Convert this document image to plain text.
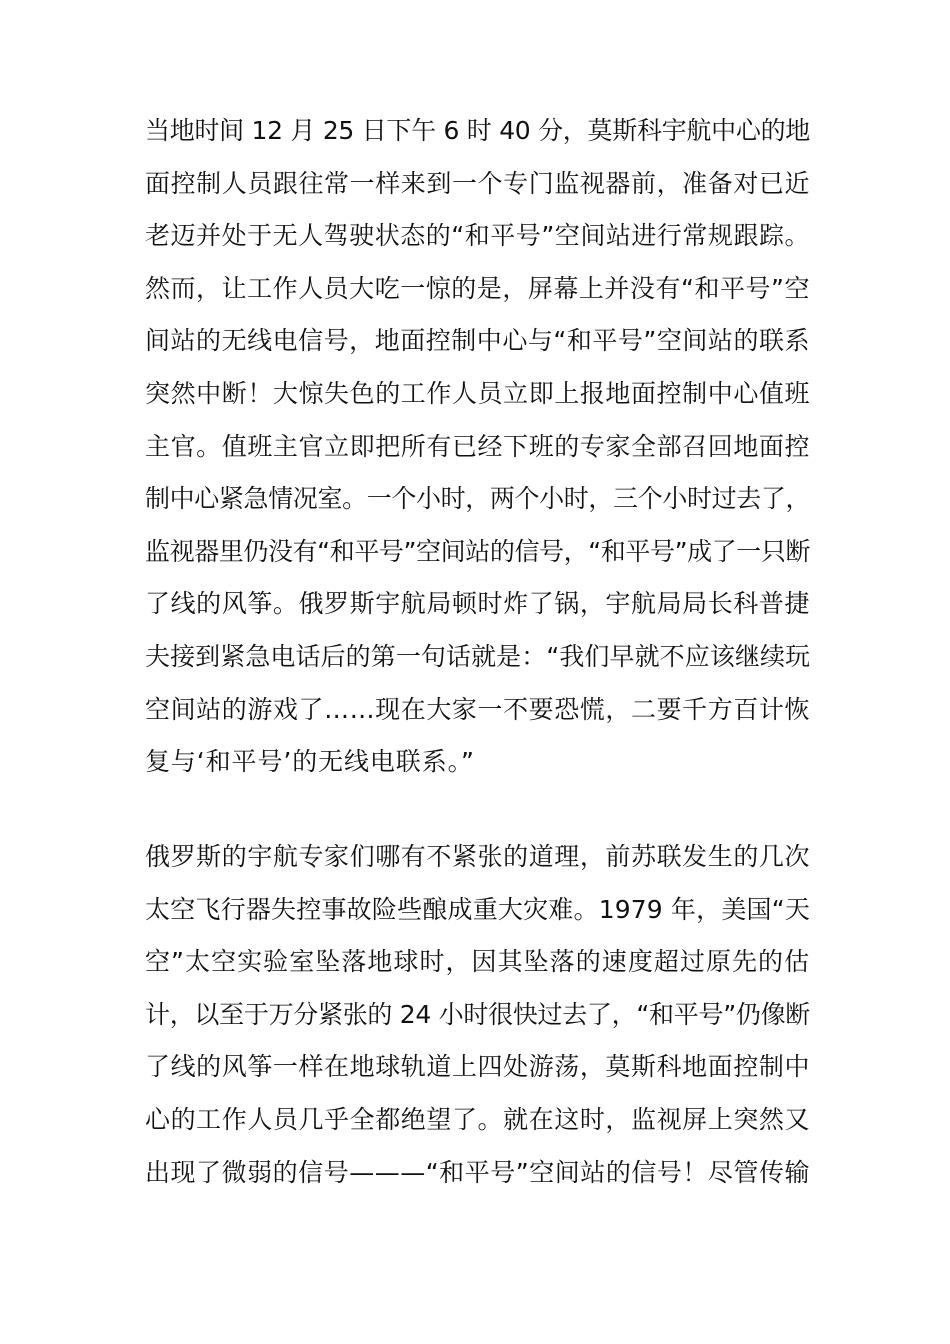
当地时间 12 月 25 日下午 6 时 40 分，莫斯科宇航中心的地
面控制人员跟往常一样来到一个专门监视器前，准备对已近
老迈并处于无人驾驶状态的“和平号”空间站进行常规跟踪。
然而，让工作人员大吃一惊的是，屏幕上并没有“和平号”空
间站的无线电信号，地面控制中心与“和平号”空间站的联系
突然中断！大惊失色的工作人员立即上报地面控制中心值班
主官。值班主官立即把所有已经下班的专家全部召回地面控
制中心紧急情况室。一个小时，两个小时，三个小时过去了，
监视器里仍没有“和平号”空间站的信号，“和平号”成了一只断
了线的风筝。俄罗斯宇航局顿时炸了锅，宇航局局长科普捷
夫接到紧急电话后的第一句话就是：“我们早就不应该继续玩
空间站的游戏了……现在大家一不要恐慌，二要千方百计恢
复与‘和平号’的无线电联系。”
俄罗斯的宇航专家们哪有不紧张的道理，前苏联发生的几次
太空飞行器失控事故险些酿成重大灾难。1979 年，美国“天
空”太空实验室坠落地球时，因其坠落的速度超过原先的估
计，以至于万分紧张的 24 小时很快过去了，“和平号”仍像断
了线的风筝一样在地球轨道上四处游荡，莫斯科地面控制中
心的工作人员几乎全都绝望了。就在这时，监视屏上突然又
出现了微弱的信号———“和平号”空间站的信号！尽管传输
